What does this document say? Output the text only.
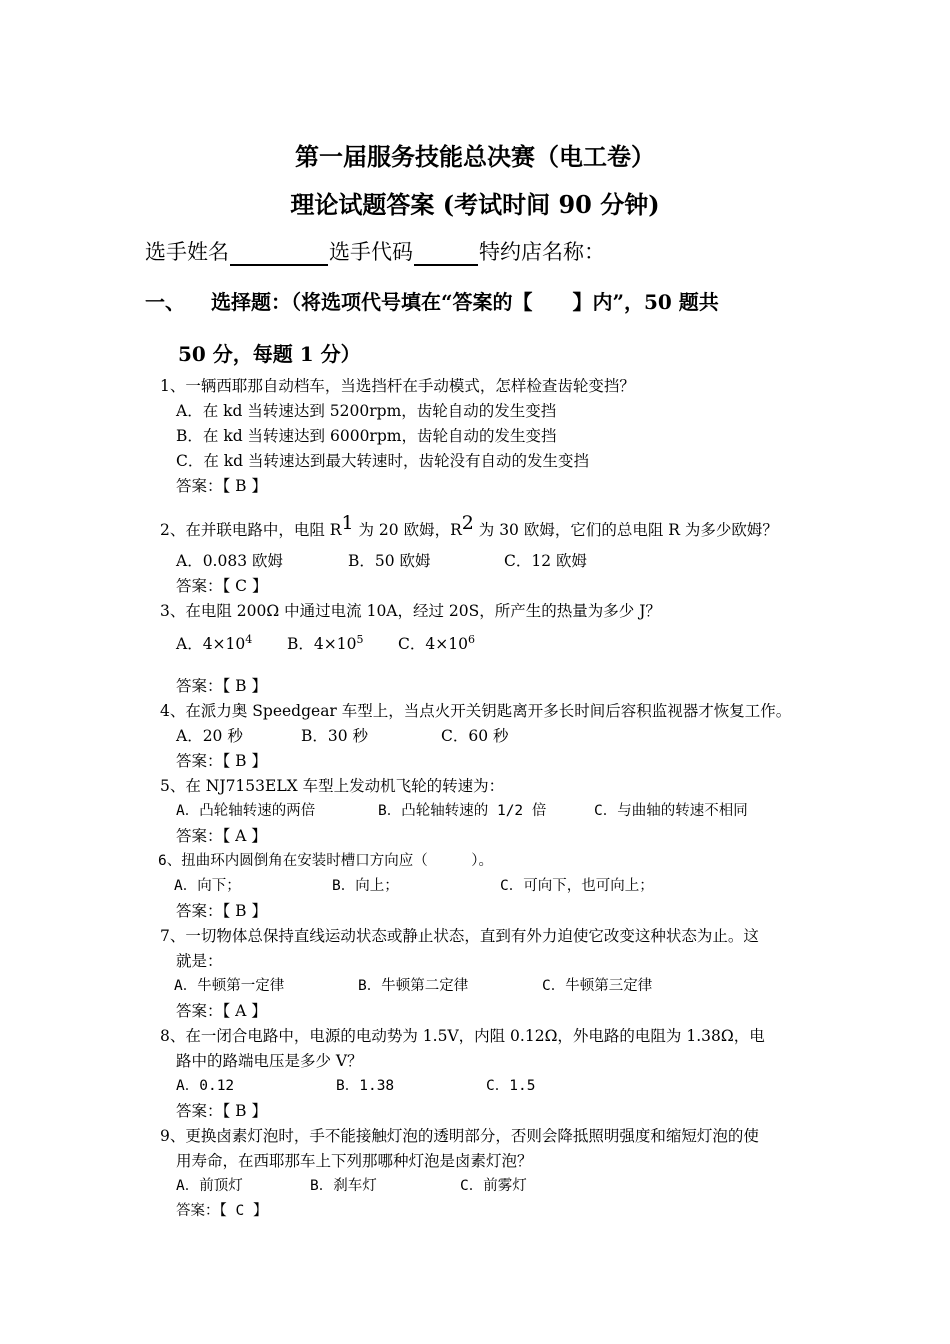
第一届服务技能总决赛（电工卷）
理论试题答案 (考试时间 90 分钟)
选手姓名	选手代码	特约店名称：
一、 选择题：（将选项代号填在“答案的【　　】内”，50 题共
50 分，每题 1 分）
1、一辆西耶那自动档车，当选挡杆在手动模式，怎样检查齿轮变挡？
A．在 kd 当转速达到 5200rpm，齿轮自动的发生变挡
B．在 kd 当转速达到 6000rpm，齿轮自动的发生变挡
C．在 kd 当转速达到最大转速时，齿轮没有自动的发生变挡
答案：【 B 】
2、在并联电路中，电阻 $R^1$ 为 20 欧姆，$R^2$ 为 30 欧姆，它们的总电阻 R 为多少欧姆？
A．0.083 欧姆	B．50 欧姆	C．12 欧姆
答案：【 C 】
3、在电阻 200Ω 中通过电流 10A，经过 20S，所产生的热量为多少 J？
A．$4\times 10^4$ B．$4\times 10^5$ C．$4\times 10^6$
答案：【 B 】
4、在派力奥 Speedgear 车型上，当点火开关钥匙离开多长时间后容积监视器才恢复工作。
A．20 秒	B．30 秒	C．60 秒
答案：【 B 】
5、在 NJ7153ELX 车型上发动机飞轮的转速为：
A．凸轮轴转速的两倍	B．凸轮轴转速的 1/2 倍	C．与曲轴的转速不相同
答案：【 A 】
6、扭曲环内圆倒角在安装时槽口方向应（　　　）。
A．向下；	B．向上；	C．可向下，也可向上；
答案：【 B 】
7、一切物体总保持直线运动状态或静止状态，直到有外力迫使它改变这种状态为止。这
就是：
A．牛顿第一定律	B．牛顿第二定律	C．牛顿第三定律
答案：【 A 】
8、在一闭合电路中，电源的电动势为 1.5V，内阻 0.12Ω，外电路的电阻为 1.38Ω，电
路中的路端电压是多少 V？
A．0.12	B．1.38	C．1.5
答案：【 B 】
9、更换卤素灯泡时，手不能接触灯泡的透明部分，否则会降抵照明强度和缩短灯泡的使
用寿命，在西耶那车上下列那哪种灯泡是卤素灯泡？
A．前顶灯	B．刹车灯	C．前雾灯
答案：【 C 】
